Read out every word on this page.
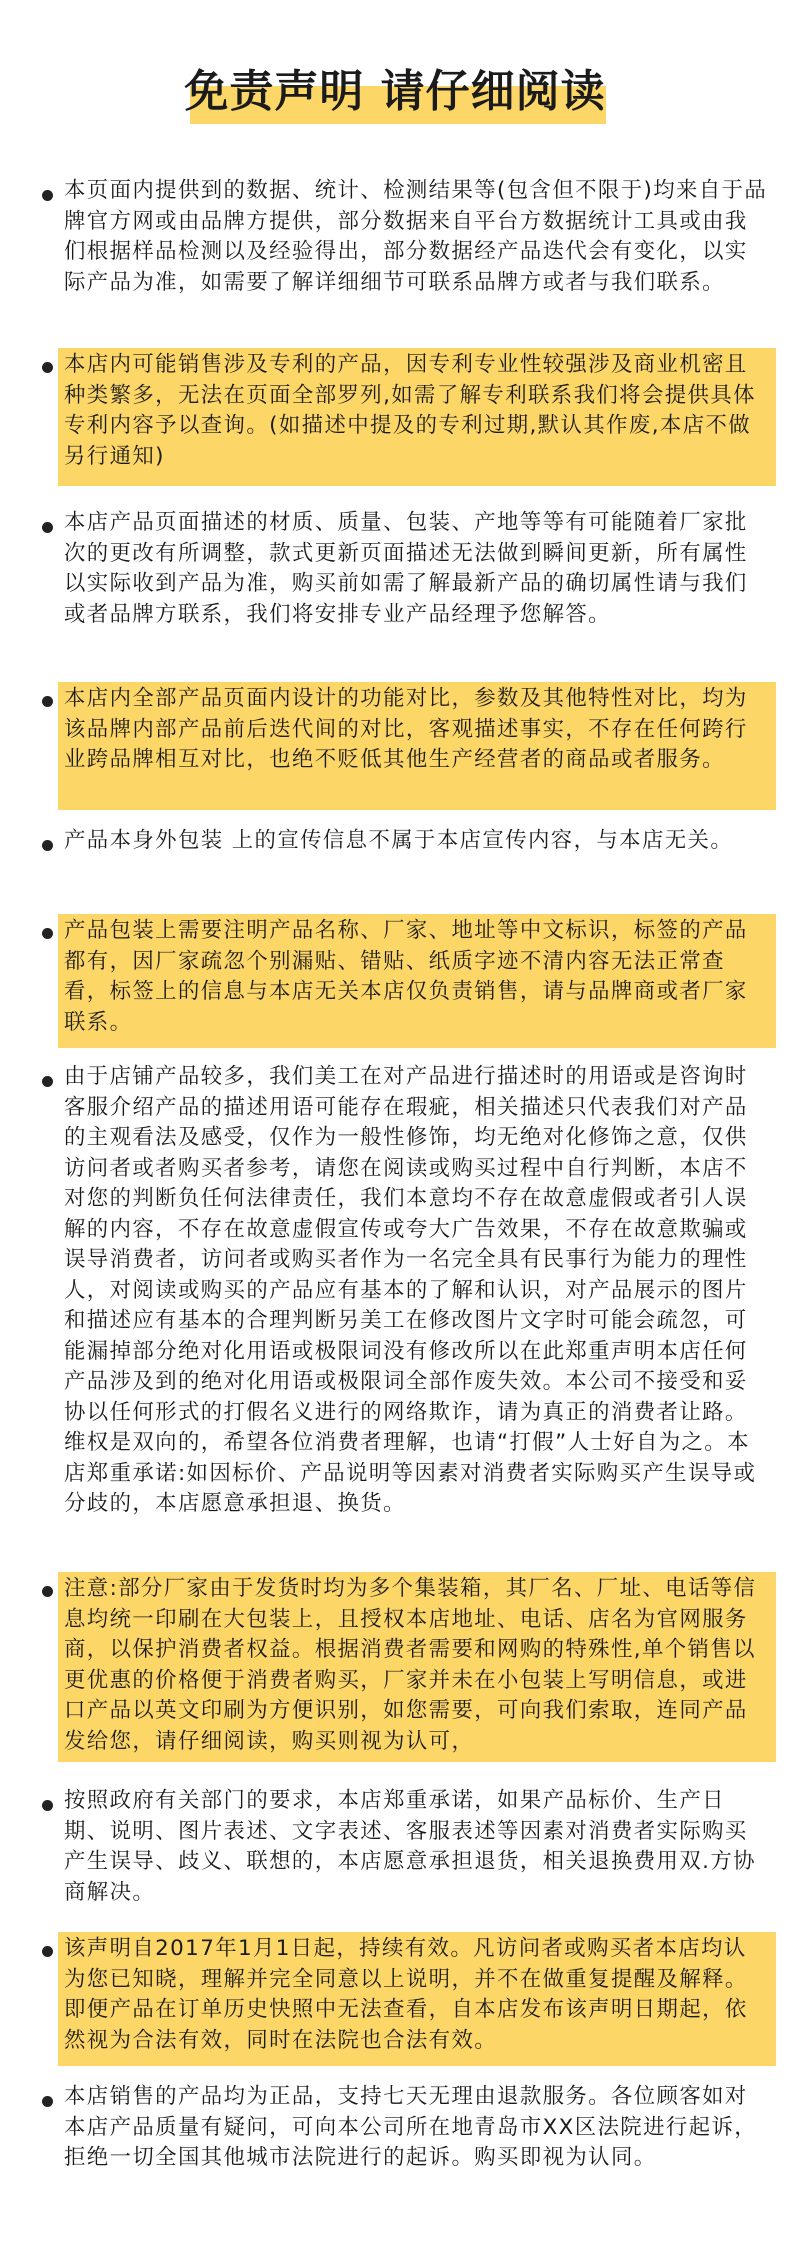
免责声明 请仔细阅读
本页面内提供到的数据、统计、检测结果等(包含但不限于)均来自于品牌官方网或由品牌方提供，部分数据来自平台方数据统计工具或由我们根据样品检测以及经验得出，部分数据经产品迭代会有变化，以实际产品为准，如需要了解详细细节可联系品牌方或者与我们联系。
本店内可能销售涉及专利的产品，因专利专业性较强涉及商业机密且种类繁多，无法在页面全部罗列,如需了解专利联系我们将会提供具体专利内容予以查询。(如描述中提及的专利过期,默认其作废,本店不做另行通知)
本店产品页面描述的材质、质量、包装、产地等等有可能随着厂家批次的更改有所调整，款式更新页面描述无法做到瞬间更新，所有属性以实际收到产品为准，购买前如需了解最新产品的确切属性请与我们或者品牌方联系，我们将安排专业产品经理予您解答。
本店内全部产品页面内设计的功能对比，参数及其他特性对比，均为该品牌内部产品前后迭代间的对比，客观描述事实，不存在任何跨行业跨品牌相互对比，也绝不贬低其他生产经营者的商品或者服务。
产品本身外包装 上的宣传信息不属于本店宣传内容，与本店无关。
产品包装上需要注明产品名称、厂家、地址等中文标识，标签的产品都有，因厂家疏忽个别漏贴、错贴、纸质字迹不清内容无法正常查看，标签上的信息与本店无关本店仅负责销售，请与品牌商或者厂家联系。
由于店铺产品较多，我们美工在对产品进行描述时的用语或是咨询时客服介绍产品的描述用语可能存在瑕疵，相关描述只代表我们对产品的主观看法及感受，仅作为一般性修饰，均无绝对化修饰之意，仅供访问者或者购买者参考，请您在阅读或购买过程中自行判断，本店不对您的判断负任何法律责任，我们本意均不存在故意虚假或者引人误解的内容，不存在故意虚假宣传或夸大广告效果，不存在故意欺骗或误导消费者，访问者或购买者作为一名完全具有民事行为能力的理性人，对阅读或购买的产品应有基本的了解和认识，对产品展示的图片和描述应有基本的合理判断另美工在修改图片文字时可能会疏忽，可能漏掉部分绝对化用语或极限词没有修改所以在此郑重声明本店任何产品涉及到的绝对化用语或极限词全部作废失效。本公司不接受和妥协以任何形式的打假名义进行的网络欺诈，请为真正的消费者让路。维权是双向的，希望各位消费者理解，也请“打假”人士好自为之。本店郑重承诺:如因标价、产品说明等因素对消费者实际购买产生误导或分歧的，本店愿意承担退、换货。
注意:部分厂家由于发货时均为多个集装箱，其厂名、厂址、电话等信息均统一印刷在大包装上，且授权本店地址、电话、店名为官网服务商，以保护消费者权益。根据消费者需要和网购的特殊性,单个销售以更优惠的价格便于消费者购买，厂家并未在小包装上写明信息，或进口产品以英文印刷为方便识别，如您需要，可向我们索取，连同产品发给您，请仔细阅读，购买则视为认可，
按照政府有关部门的要求，本店郑重承诺，如果产品标价、生产日期、说明、图片表述、文字表述、客服表述等因素对消费者实际购买产生误导、歧义、联想的，本店愿意承担退货，相关退换费用双.方协商解决。
该声明自2017年1月1日起，持续有效。凡访问者或购买者本店均认为您已知晓，理解并完全同意以上说明，并不在做重复提醒及解释。即便产品在订单历史快照中无法查看，自本店发布该声明日期起，依然视为合法有效，同时在法院也合法有效。
本店销售的产品均为正品，支持七天无理由退款服务。各位顾客如对本店产品质量有疑问，可向本公司所在地青岛市XX区法院进行起诉，拒绝一切全国其他城市法院进行的起诉。购买即视为认同。
